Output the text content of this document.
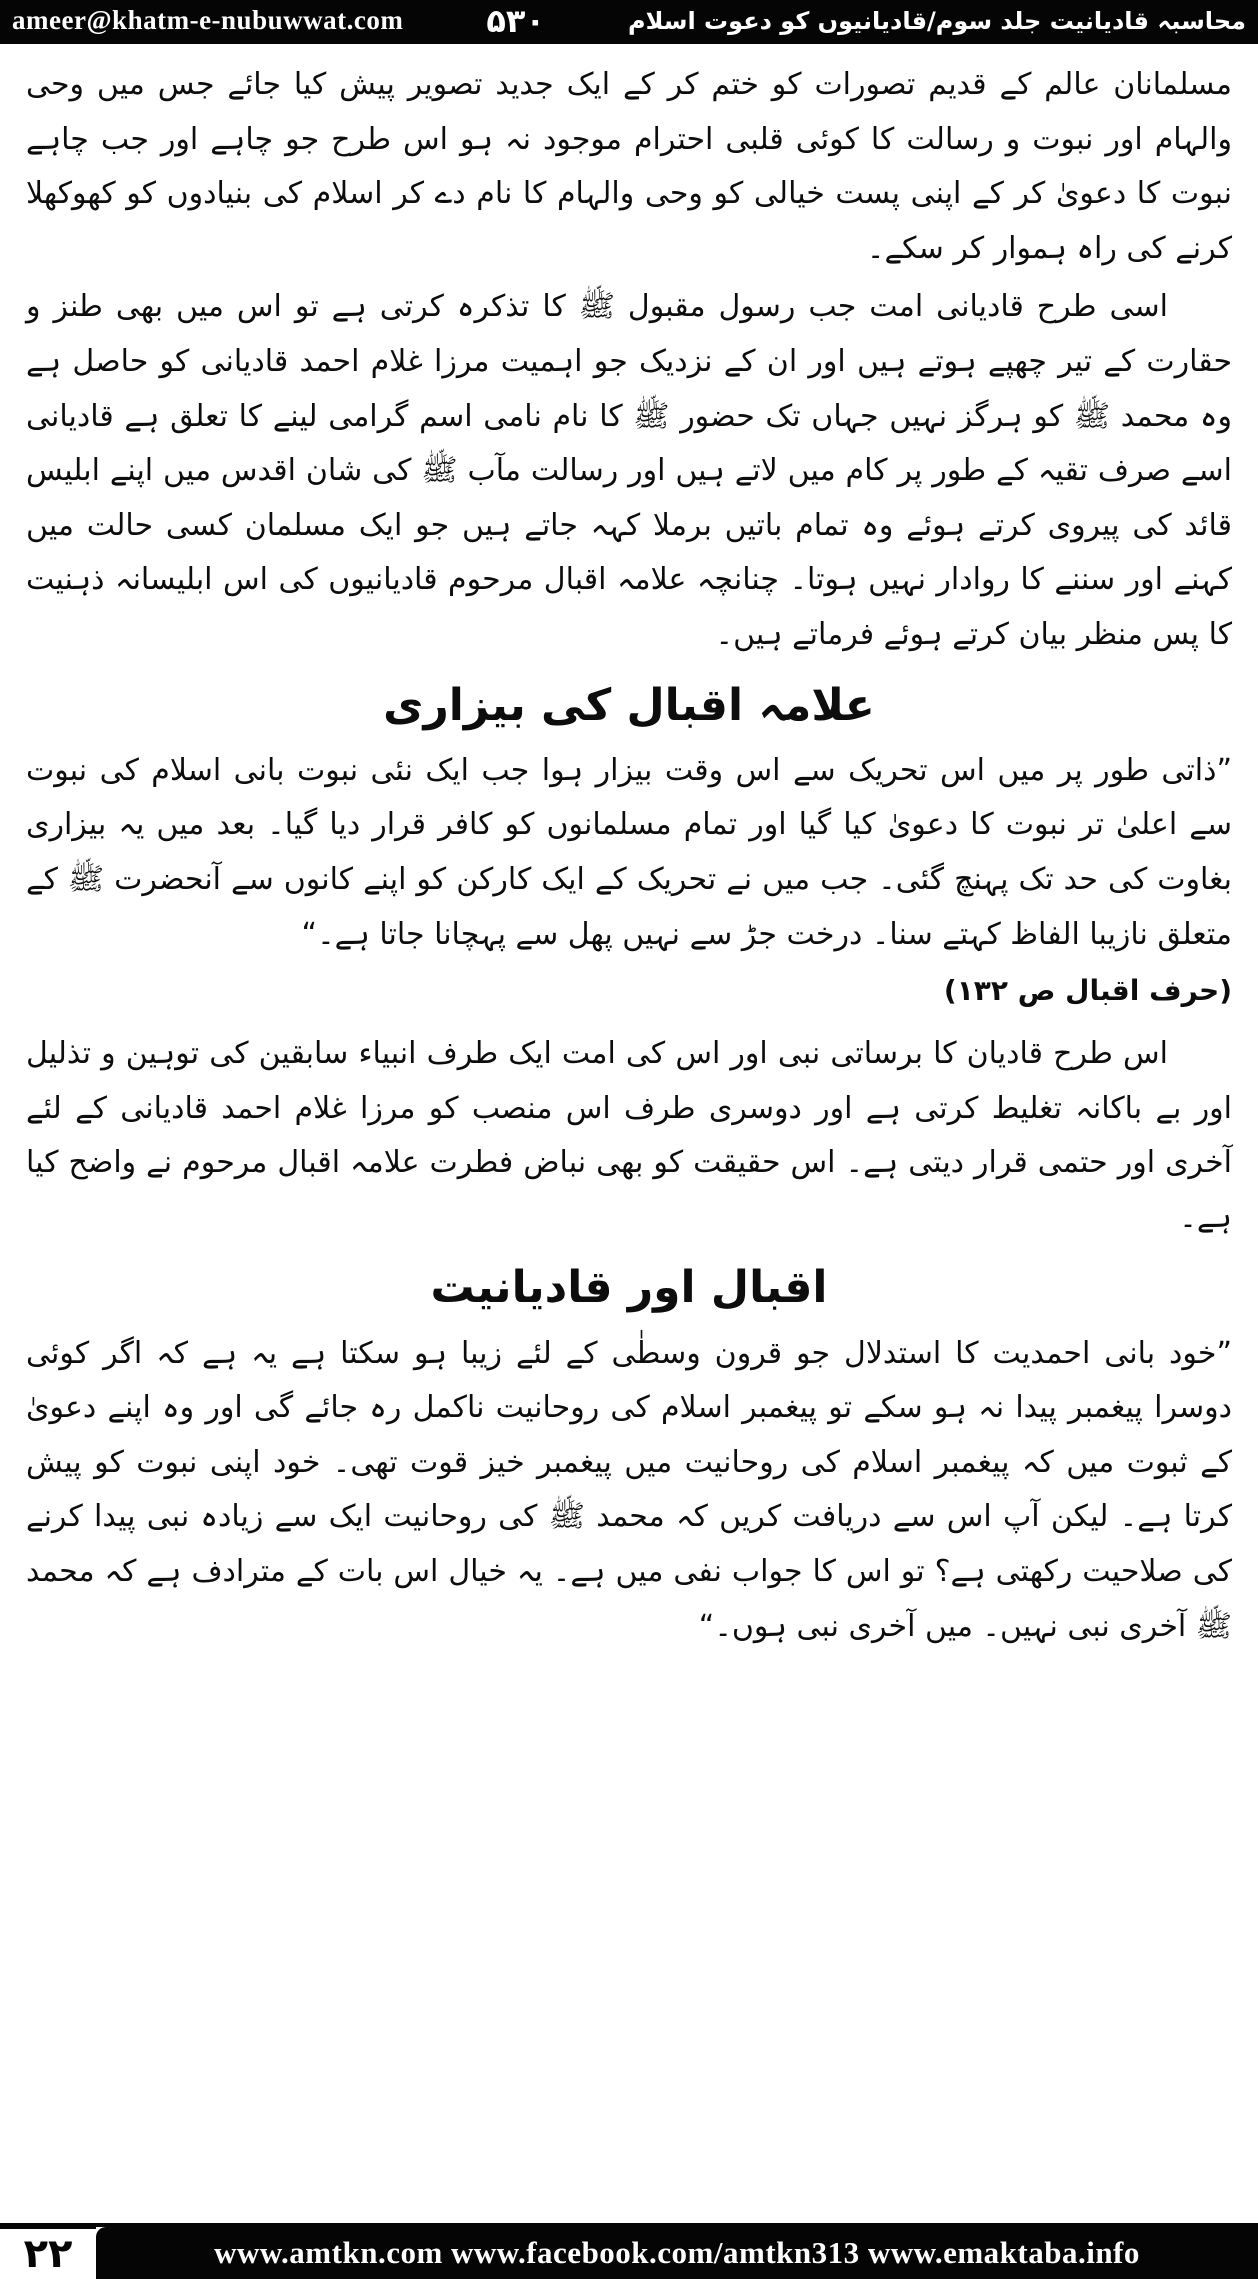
ameer@khatm-e-nubuwwat.com	۵۳۰	محاسبہ قادیانیت جلد سوم/قادیانیوں کو دعوت اسلام

مسلمانان عالم کے قدیم تصورات کو ختم کر کے ایک جدید تصویر پیش کیا جائے جس میں وحی والہام اور نبوت و رسالت کا کوئی قلبی احترام موجود نہ ہو اس طرح جو چاہے اور جب چاہے نبوت کا دعویٰ کر کے اپنی پست خیالی کو وحی والہام کا نام دے کر اسلام کی بنیادوں کو کھوکھلا کرنے کی راہ ہموار کر سکے۔

اسی طرح قادیانی امت جب رسول مقبول ﷺ کا تذکرہ کرتی ہے تو اس میں بھی طنز و حقارت کے تیر چھپے ہوتے ہیں اور ان کے نزدیک جو اہمیت مرزا غلام احمد قادیانی کو حاصل ہے وہ محمد ﷺ کو ہرگز نہیں جہاں تک حضور ﷺ کا نام نامی اسم گرامی لینے کا تعلق ہے قادیانی اسے صرف تقیہ کے طور پر کام میں لاتے ہیں اور رسالت مآب ﷺ کی شان اقدس میں اپنے ابلیس قائد کی پیروی کرتے ہوئے وہ تمام باتیں برملا کہہ جاتے ہیں جو ایک مسلمان کسی حالت میں کہنے اور سننے کا روادار نہیں ہوتا۔ چنانچہ علامہ اقبال مرحوم قادیانیوں کی اس ابلیسانہ ذہنیت کا پس منظر بیان کرتے ہوئے فرماتے ہیں۔

علامہ اقبال کی بیزاری

”ذاتی طور پر میں اس تحریک سے اس وقت بیزار ہوا جب ایک نئی نبوت بانی اسلام کی نبوت سے اعلیٰ تر نبوت کا دعویٰ کیا گیا اور تمام مسلمانوں کو کافر قرار دیا گیا۔ بعد میں یہ بیزاری بغاوت کی حد تک پہنچ گئی۔ جب میں نے تحریک کے ایک کارکن کو اپنے کانوں سے آنحضرت ﷺ کے متعلق نازیبا الفاظ کہتے سنا۔ درخت جڑ سے نہیں پھل سے پہچانا جاتا ہے۔“

(حرف اقبال ص ۱۳۲)

اس طرح قادیان کا برساتی نبی اور اس کی امت ایک طرف انبیاء سابقین کی توہین و تذلیل اور بے باکانہ تغلیط کرتی ہے اور دوسری طرف اس منصب کو مرزا غلام احمد قادیانی کے لئے آخری اور حتمی قرار دیتی ہے۔ اس حقیقت کو بھی نباض فطرت علامہ اقبال مرحوم نے واضح کیا ہے۔

اقبال اور قادیانیت

”خود بانی احمدیت کا استدلال جو قرون وسطٰی کے لئے زیبا ہو سکتا ہے یہ ہے کہ اگر کوئی دوسرا پیغمبر پیدا نہ ہو سکے تو پیغمبر اسلام کی روحانیت ناکمل رہ جائے گی اور وہ اپنے دعویٰ کے ثبوت میں کہ پیغمبر اسلام کی روحانیت میں پیغمبر خیز قوت تھی۔ خود اپنی نبوت کو پیش کرتا ہے۔ لیکن آپ اس سے دریافت کریں کہ محمد ﷺ کی روحانیت ایک سے زیادہ نبی پیدا کرنے کی صلاحیت رکھتی ہے؟ تو اس کا جواب نفی میں ہے۔ یہ خیال اس بات کے مترادف ہے کہ محمد ﷺ آخری نبی نہیں۔ میں آخری نبی ہوں۔“

۲۲	www.amtkn.com www.facebook.com/amtkn313 www.emaktaba.info
